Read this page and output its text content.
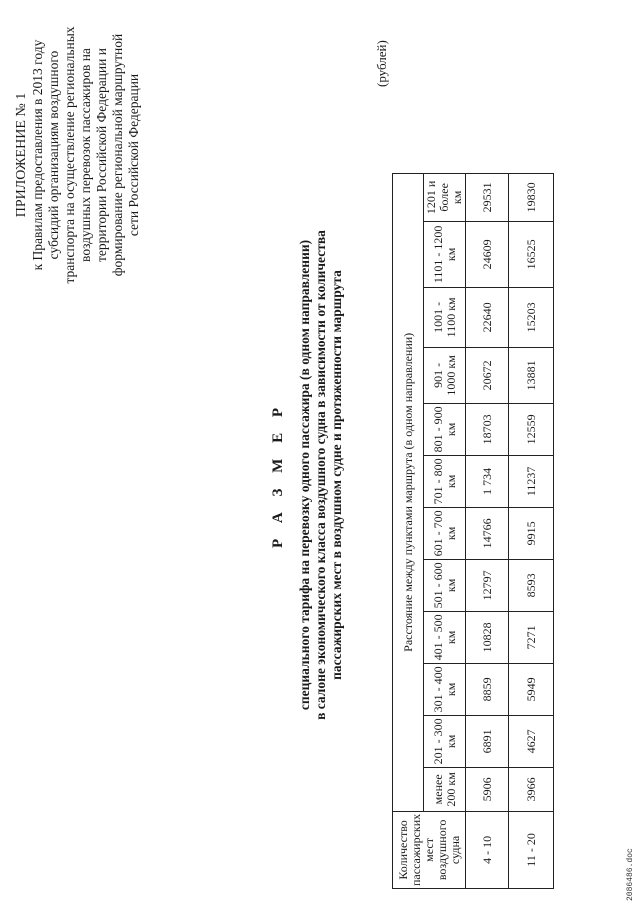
ПРИЛОЖЕНИЕ № 1 к Правилам предоставления в 2013 году субсидий организациям воздушного транспорта на осуществление региональных воздушных перевозок пассажиров на территории Российской Федерации и формирование региональной маршрутной сети Российской Федерации
Р А З М Е Р специального тарифа на перевозку одного пассажира (в одном направлении) в салоне экономического класса воздушного судна в зависимости от количества пассажирских мест в воздушном судне и протяженности маршрута
(рублей)
Количество пассажирских мест воздушного судна	Расстояние между пунктами маршрута (в одном направлении)											
	менее 200 км	201 - 300 км	301 - 400 км	401 - 500 км	501 - 600 км	601 - 700 км	701 - 800 км	801 - 900 км	901 - 1000 км	1001 - 1100 км	1101 - 1200 км	1201 и более км
4 - 10	5906	6891	8859	10828	12797	14766	1 734	18703	20672	22640	24609	29531
11 - 20	3966	4627	5949	7271	8593	9915	11237	12559	13881	15203	16525	19830
2086486.doc
